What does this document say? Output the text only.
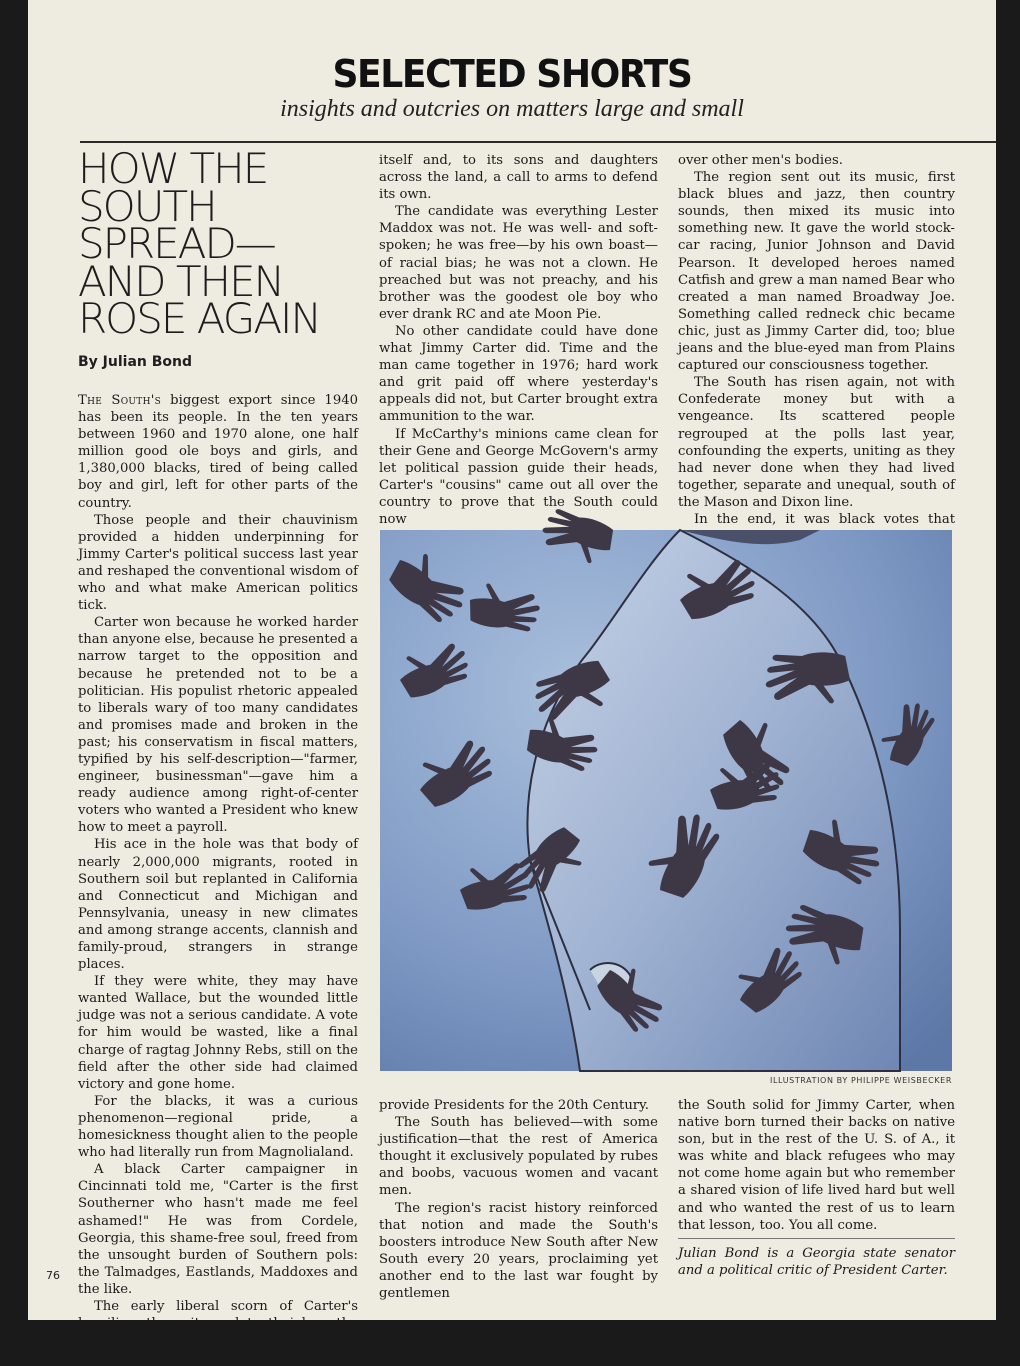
SELECTED SHORTS
insights and outcries on matters large and small
HOW THE
SOUTH
SPREAD—
AND THEN
ROSE AGAIN
By Julian Bond

The South's biggest export since 1940 has been its people. In the ten years between 1960 and 1970 alone, one half million good ole boys and girls, and 1,380,000 blacks, tired of being called boy and girl, left for other parts of the country.

Those people and their chauvinism provided a hidden underpinning for Jimmy Carter's political success last year and reshaped the conventional wisdom of who and what make American politics tick.

Carter won because he worked harder than anyone else, because he presented a narrow target to the opposition and because he pretended not to be a politician. His populist rhetoric appealed to liberals wary of too many candidates and promises made and broken in the past; his conservatism in fiscal matters, typified by his self-description—"farmer, engineer, businessman"—gave him a ready audience among right-of-center voters who wanted a President who knew how to meet a payroll.

His ace in the hole was that body of nearly 2,000,000 migrants, rooted in Southern soil but replanted in California and Connecticut and Michigan and Pennsylvania, uneasy in new climates and among strange accents, clannish and family-proud, strangers in strange places.

If they were white, they may have wanted Wallace, but the wounded little judge was not a serious candidate. A vote for him would be wasted, like a final charge of ragtag Johnny Rebs, still on the field after the other side had claimed victory and gone home.

For the blacks, it was a curious phenomenon—regional pride, a homesickness thought alien to the people who had literally run from Magnolialand.

A black Carter campaigner in Cincinnati told me, "Carter is the first Southerner who hasn't made me feel ashamed!" He was from Cordele, Georgia, this shame-free soul, freed from the unsought burden of Southern pols: the Talmadges, Eastlands, Maddoxes and the like.

The early liberal scorn of Carter's homilies, the grits and teeth jokes, the Eastern jibes at his born-again religion—those were fighting words in the region

itself and, to its sons and daughters across the land, a call to arms to defend its own.

The candidate was everything Lester Maddox was not. He was well- and soft-spoken; he was free—by his own boast—of racial bias; he was not a clown. He preached but was not preachy, and his brother was the goodest ole boy who ever drank RC and ate Moon Pie.

No other candidate could have done what Jimmy Carter did. Time and the man came together in 1976; hard work and grit paid off where yesterday's appeals did not, but Carter brought extra ammunition to the war.

If McCarthy's minions came clean for their Gene and George McGovern's army let political passion guide their heads, Carter's "cousins" came out all over the country to prove that the South could now

over other men's bodies.

The region sent out its music, first black blues and jazz, then country sounds, then mixed its music into something new. It gave the world stock-car racing, Junior Johnson and David Pearson. It developed heroes named Catfish and grew a man named Bear who created a man named Broadway Joe. Something called redneck chic became chic, just as Jimmy Carter did, too; blue jeans and the blue-eyed man from Plains captured our consciousness together.

The South has risen again, not with Confederate money but with a vengeance. Its scattered people regrouped at the polls last year, confounding the experts, uniting as they had never done when they had lived together, separate and unequal, south of the Mason and Dixon line.

In the end, it was black votes that

ILLUSTRATION BY PHILIPPE WEISBECKER

provide Presidents for the 20th Century.

The South has believed—with some justification—that the rest of America thought it exclusively populated by rubes and boobs, vacuous women and vacant men.

The region's racist history reinforced that notion and made the South's boosters introduce New South after New South every 20 years, proclaiming yet another end to the last war fought by gentlemen

the South solid for Jimmy Carter, when native born turned their backs on native son, but in the rest of the U. S. of A., it was white and black refugees who may not come home again but who remember a shared vision of life lived hard but well and who wanted the rest of us to learn that lesson, too. You all come.

Julian Bond is a Georgia state senator and a political critic of President Carter.
76
